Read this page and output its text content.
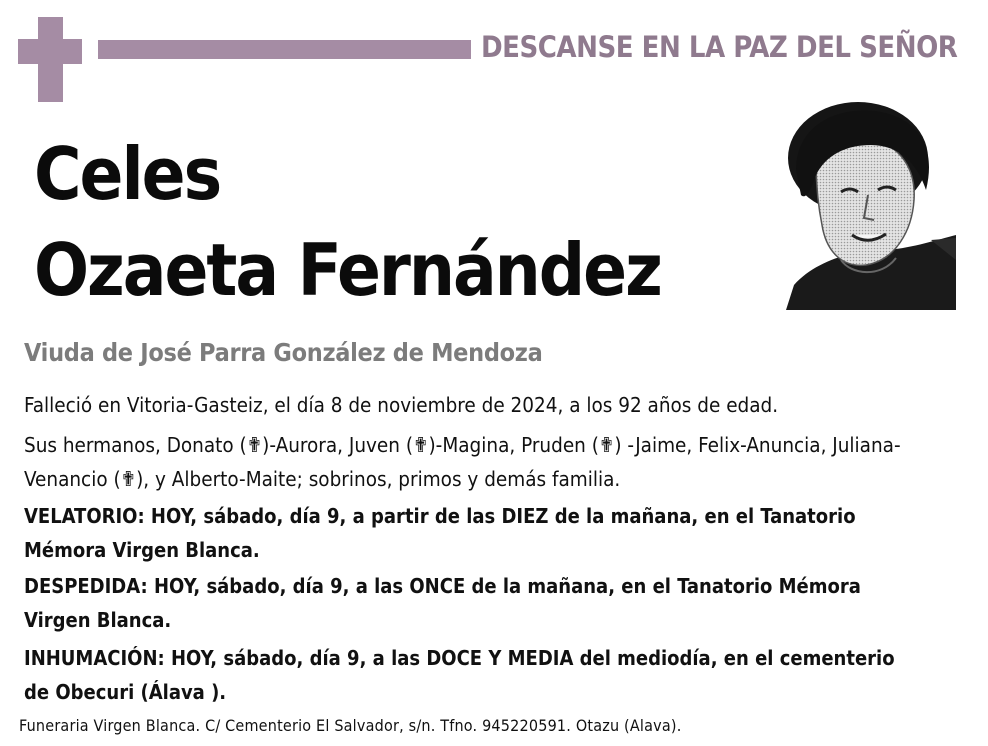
DESCANSE EN LA PAZ DEL SEÑOR
Celes
Ozaeta Fernández
Viuda de José Parra González de Mendoza
Falleció en Vitoria-Gasteiz, el día 8 de noviembre de 2024, a los 92 años de edad.
Sus hermanos, Donato (✟)-Aurora, Juven (✟)-Magina, Pruden (✟) -Jaime, Felix-Anuncia, Juliana-Venancio (✟), y Alberto-Maite; sobrinos, primos y demás familia.
VELATORIO: HOY, sábado, día 9, a partir de las DIEZ de la mañana, en el Tanatorio Mémora Virgen Blanca.
DESPEDIDA: HOY, sábado, día 9, a las ONCE de la mañana, en el Tanatorio Mémora Virgen Blanca.
INHUMACIÓN: HOY, sábado, día 9, a las DOCE Y MEDIA del mediodía, en el cementerio de Obecuri (Álava ).
Funeraria Virgen Blanca. C/ Cementerio El Salvador, s/n. Tfno. 945220591. Otazu (Alava).
